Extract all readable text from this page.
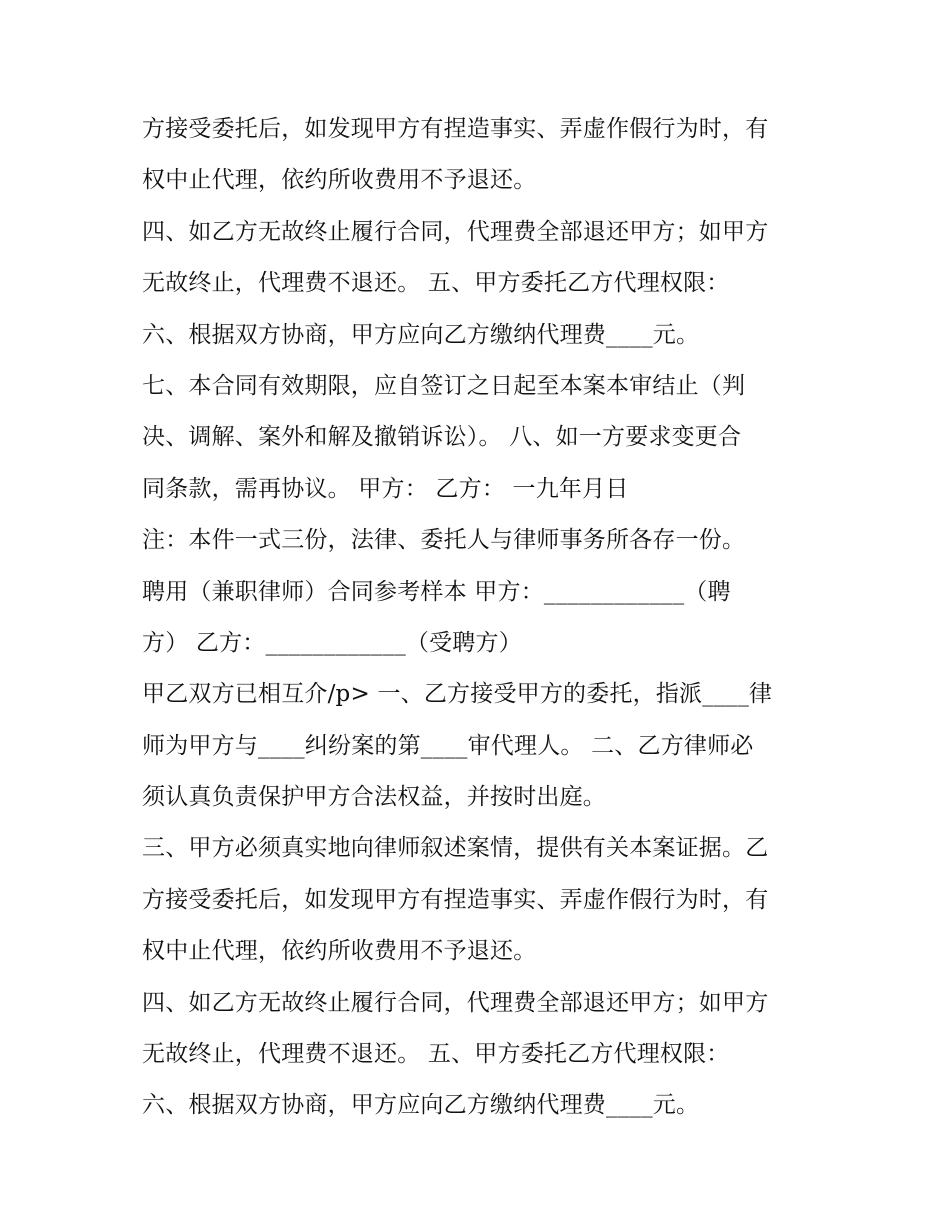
方接受委托后，如发现甲方有捏造事实、弄虚作假行为时，有
权中止代理，依约所收费用不予退还。
四、如乙方无故终止履行合同，代理费全部退还甲方；如甲方
无故终止，代理费不退还。 五、甲方委托乙方代理权限：
六、根据双方协商，甲方应向乙方缴纳代理费____元。
七、本合同有效期限，应自签订之日起至本案本审结止（判
决、调解、案外和解及撤销诉讼）。 八、如一方要求变更合
同条款，需再协议。 甲方： 乙方： 一九年月日
注：本件一式三份，法律、委托人与律师事务所各存一份。
聘用（兼职律师）合同参考样本 甲方：____________（聘
方） 乙方：____________（受聘方）
甲乙双方已相互介/p> 一、乙方接受甲方的委托，指派____律
师为甲方与____纠纷案的第____审代理人。 二、乙方律师必
须认真负责保护甲方合法权益，并按时出庭。
三、甲方必须真实地向律师叙述案情，提供有关本案证据。乙
方接受委托后，如发现甲方有捏造事实、弄虚作假行为时，有
权中止代理，依约所收费用不予退还。
四、如乙方无故终止履行合同，代理费全部退还甲方；如甲方
无故终止，代理费不退还。 五、甲方委托乙方代理权限：
六、根据双方协商，甲方应向乙方缴纳代理费____元。
